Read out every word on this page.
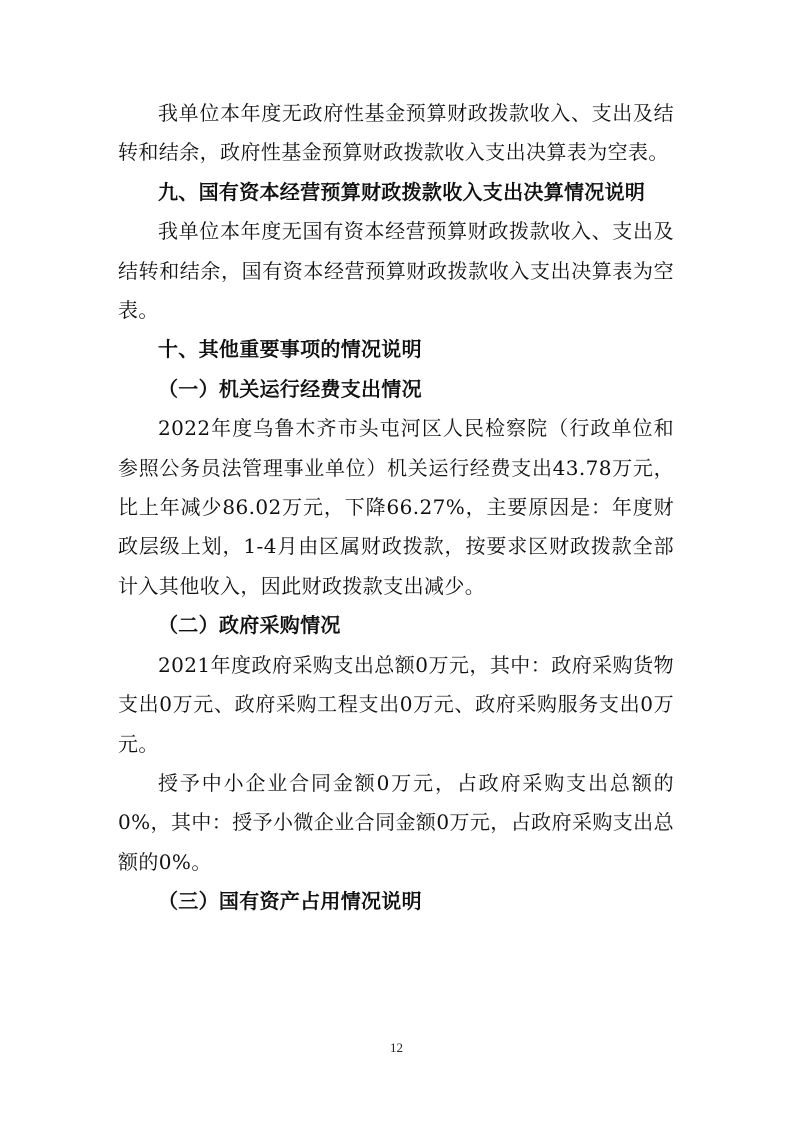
我单位本年度无政府性基金预算财政拨款收入、支出及结转和结余，政府性基金预算财政拨款收入支出决算表为空表。

九、国有资本经营预算财政拨款收入支出决算情况说明

我单位本年度无国有资本经营预算财政拨款收入、支出及结转和结余，国有资本经营预算财政拨款收入支出决算表为空表。

十、其他重要事项的情况说明

（一）机关运行经费支出情况

2022年度乌鲁木齐市头屯河区人民检察院（行政单位和参照公务员法管理事业单位）机关运行经费支出43.78万元，比上年减少86.02万元，下降66.27%，主要原因是：年度财政层级上划，1-4月由区属财政拨款，按要求区财政拨款全部计入其他收入，因此财政拨款支出减少。

（二）政府采购情况

2021年度政府采购支出总额0万元，其中：政府采购货物支出0万元、政府采购工程支出0万元、政府采购服务支出0万元。

授予中小企业合同金额0万元，占政府采购支出总额的0%，其中：授予小微企业合同金额0万元，占政府采购支出总额的0%。

（三）国有资产占用情况说明

12
